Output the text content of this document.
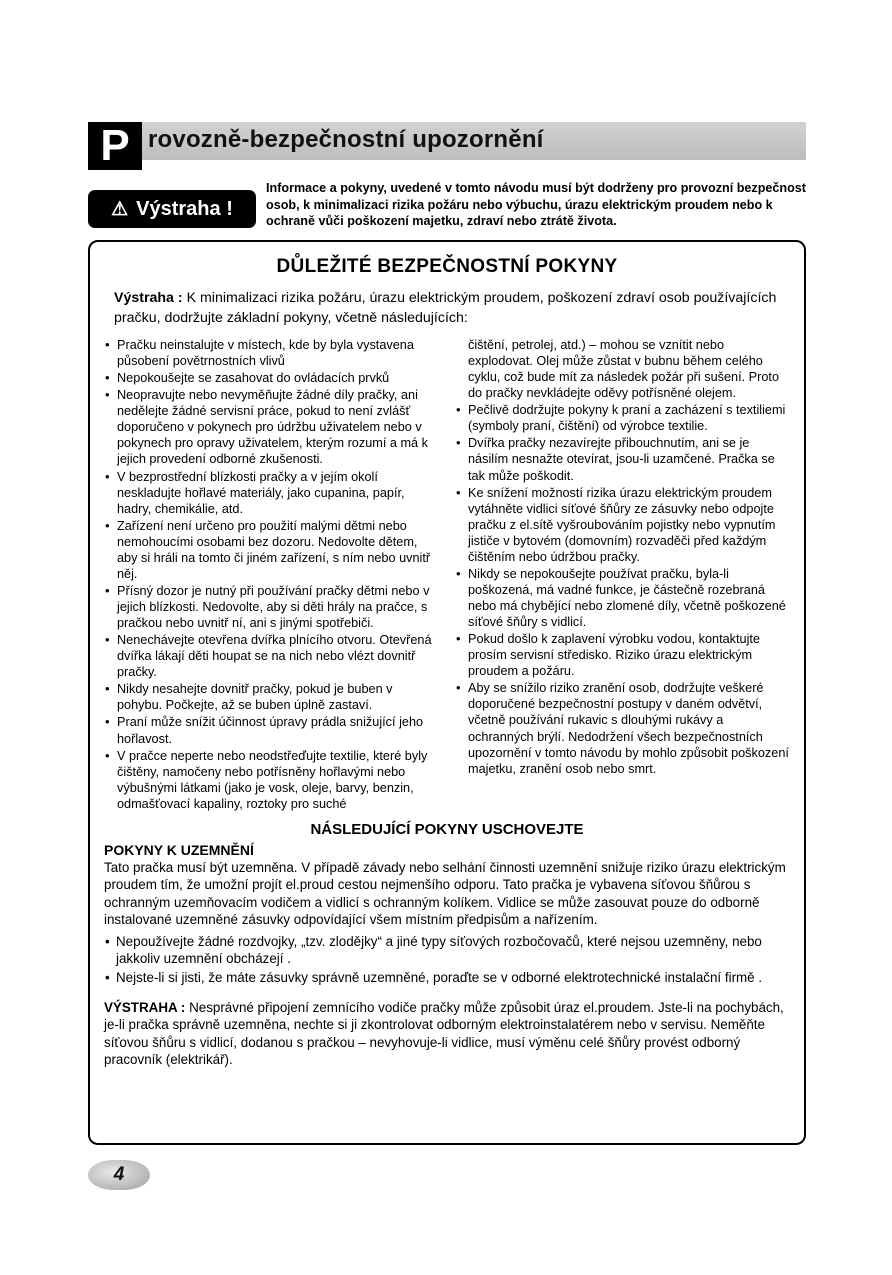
P rovozně-bezpečnostní upozornění
⚠ Výstraha !

Informace a pokyny, uvedené v tomto návodu musí být dodrženy pro provozní bezpečnost osob, k minimalizaci rizika požáru nebo výbuchu, úrazu elektrickým proudem nebo k ochraně vůči poškození majetku, zdraví nebo ztrátě života.

DŮLEŽITÉ BEZPEČNOSTNÍ POKYNY

Výstraha : K minimalizaci rizika požáru, úrazu elektrickým proudem, poškození zdraví osob používajících pračku, dodržujte základní pokyny, včetně následujících:

• Pračku neinstalujte v místech, kde by byla vystavena působení povětrnostních vlivů
• Nepokoušejte se zasahovat do ovládacích prvků
• Neopravujte nebo nevyměňujte žádné díly pračky, ani nedělejte žádné servisní práce, pokud to není zvlášť doporučeno v pokynech pro údržbu uživatelem nebo v pokynech pro opravy uživatelem, kterým rozumí a má k jejich provedení odborné zkušenosti.
• V bezprostřední blízkosti pračky a v jejím okolí neskladujte hořlavé materiály, jako cupanina, papír, hadry, chemikálie, atd.
• Zařízení není určeno pro použití malými dětmi nebo nemohoucími osobami bez dozoru. Nedovolte dětem, aby si hráli na tomto či jiném zařízení, s ním nebo uvnitř něj.
• Přísný dozor je nutný při používání pračky dětmi nebo v jejich blízkosti. Nedovolte, aby si děti hrály na pračce, s pračkou nebo uvnitř ní, ani s jinými spotřebiči.
• Nenechávejte otevřena dvířka plnícího otvoru. Otevřená dvířka lákají děti houpat se na nich nebo vlézt dovnitř pračky.
• Nikdy nesahejte dovnitř pračky, pokud je buben v pohybu. Počkejte, až se buben úplně zastaví.
• Praní může snížit účinnost úpravy prádla snižující jeho hořlavost.
• V pračce neperte nebo neodstřeďujte textilie, které byly čištěny, namočeny nebo potřísněny hořlavými nebo výbušnými látkami (jako je vosk, oleje, barvy, benzin, odmašťovací kapaliny, roztoky pro suché

čištění, petrolej, atd.) – mohou se vznítit nebo explodovat. Olej může zůstat v bubnu během celého cyklu, což bude mít za následek požár při sušení. Proto do pračky nevkládejte oděvy potřísněné olejem.

• Pečlivě dodržujte pokyny k praní a zacházení s textiliemi (symboly praní, čištění) od výrobce textilie.
• Dvířka pračky nezavírejte přibouchnutím, ani se je násilím nesnažte otevírat, jsou-li uzamčené. Pračka se tak může poškodit.
• Ke snížení možností rizika úrazu elektrickým proudem vytáhněte vidlici síťové šňůry ze zásuvky nebo odpojte pračku z el.sítě vyšroubováním pojistky nebo vypnutím jističe v bytovém (domovním) rozvaděči před každým čištěním nebo údržbou pračky.
• Nikdy se nepokoušejte používat pračku, byla-li poškozená, má vadné funkce, je částečně rozebraná nebo má chybějící nebo zlomené díly, včetně poškozené síťové šňůry s vidlicí.
• Pokud došlo k zaplavení výrobku vodou, kontaktujte prosím servisní středisko. Riziko úrazu elektrickým proudem a požáru.
• Aby se snížilo riziko zranění osob, dodržujte veškeré doporučené bezpečnostní postupy v daném odvětví, včetně používání rukavic s dlouhými rukávy a ochranných brýlí. Nedodržení všech bezpečnostních upozornění v tomto návodu by mohlo způsobit poškození majetku, zranění osob nebo smrt.
NÁSLEDUJÍCÍ POKYNY USCHOVEJTE
POKYNY K UZEMNĚNÍ

Tato pračka musí být uzemněna. V případě závady nebo selhání činnosti uzemnění snižuje riziko úrazu elektrickým proudem tím, že umožní projít el.proud cestou nejmenšího odporu. Tato pračka je vybavena síťovou šňůrou s ochranným uzemňovacím vodičem a vidlicí s ochranným kolíkem. Vidlice se může zasouvat pouze do odborně instalované uzemněné zásuvky odpovídající všem místním předpisům a nařízením.

• Nepoužívejte žádné rozdvojky, „tzv. zlodějky“ a jiné typy síťových rozbočovačů, které nejsou uzemněny, nebo jakkoliv uzemnění obcházejí .
• Nejste-li si jisti, že máte zásuvky správně uzemněné, poraďte se v odborné elektrotechnické instalační firmě .

VÝSTRAHA : Nesprávné připojení zemnícího vodiče pračky může způsobit úraz el.proudem. Jste-li na pochybách, je-li pračka správně uzemněna, nechte si ji zkontrolovat odborným elektroinstalatérem nebo v servisu. Neměňte síťovou šňůru s vidlicí, dodanou s pračkou – nevyhovuje-li vidlice, musí výměnu celé šňůry provést odborný pracovník (elektrikář).

4
